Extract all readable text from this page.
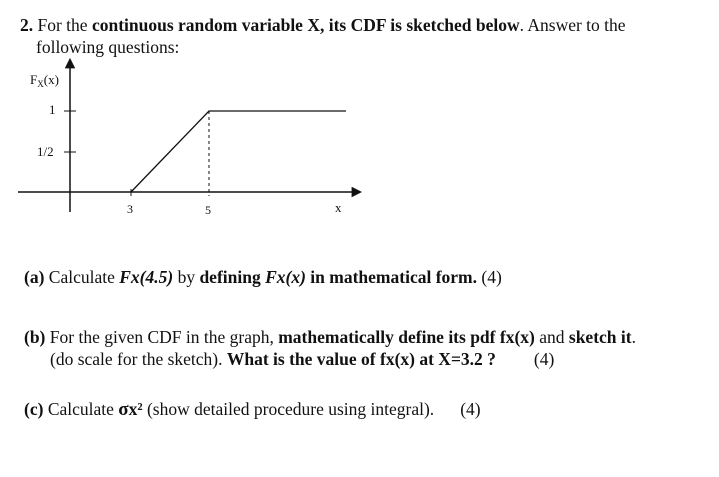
2. For the continuous random variable X, its CDF is sketched below. Answer to the
following questions:
$F_X(x)$
1
1/2
3	5	x
(a) Calculate Fx(4.5) by defining Fx(x) in mathematical form. (4)
(b) For the given CDF in the graph, mathematically define its pdf fx(x) and sketch it.
(do scale for the sketch). What is the value of fx(x) at X=3.2 ? (4)
(c) Calculate σx² (show detailed procedure using integral). (4)
